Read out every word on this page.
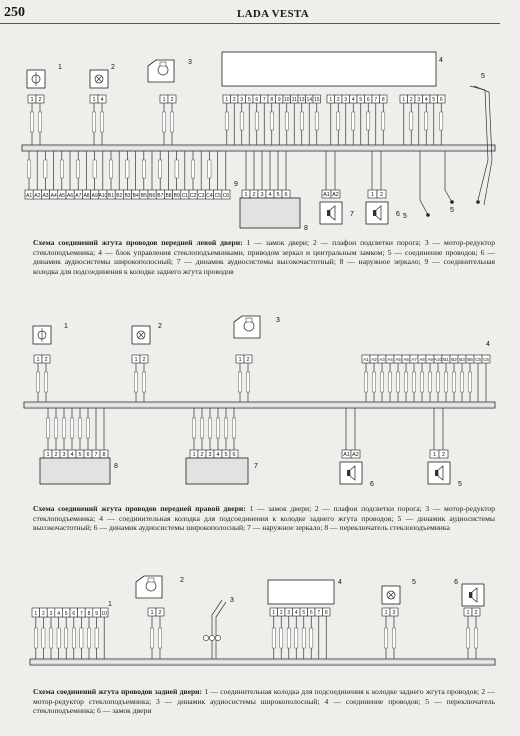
250	LADA VESTA
1
1 2
2
1 4
3
1 2
4
1 2 3 5 6 7 8 9 10 11 13 14 15 1 2 3 4 5 6 7 8	1 2 3 4 5 6
5
A1 A2 A3 A4 A5 A6 A7 A8 A9 A10 B1 B2 B3 B4 B5 B6 B7 B8 B9 C1 C2 C3 C4 C5 C6
9
1 2 3 4 5 6
8
A1 A2
7
1 2
6 5
5
Схема соединений жгута проводов передней левой двери: 1 — замок двери; 2 — плафон подсветки порога; 3 — мотор-редуктор стеклоподъемника; 4 — блок управления стеклоподъемниками, приводом зеркал и центральным замком; 5 — соединение проводов; 6 — динамик аудиосистемы широкополосный; 7 — динамик аудиосистемы высокочастотный; 8 — наружное зеркало; 9 — соединительная колодка для подсоединения к колодке заднего жгута проводов
1
1 2
2
1 2
3
1 2	A1 A2 A3 A4 A5 A6 A7 A8 A9 A10 B1 B2 B3 B5 C5 C6
4
1 2 3 4 5 6 7 8
8
1 2 3 4 5 6
7
A1 A2
6
1 2
5
Схема соединений жгута проводов передней правой двери: 1 — замок двери; 2 — плафон подсветки порога; 3 — мотор-редуктор стеклоподъемника; 4 — соединительная колодка для подсоединения к колодке заднего жгута проводов; 5 — динамик аудиосистемы высокочастотный; 6 — динамик аудиосистемы широкополосный; 7 — наружное зеркало; 8 — переключатель стеклоподъемника
1 2 3 4 5 6 7 8 9 10
1
2
1 2
3
4
1 2 3 4 5 6 7 8
5
1 2
6
1 2
Схема соединений жгута проводов задней двери: 1 — соединительная колодка для подсоединения к колодке заднего жгута проводов; 2 — мотор-редуктор стеклоподъемника; 3 — динамик аудиосистемы широкополосный; 4 — соединение проводов; 5 — переключатель стеклоподъемника; 6 — замок двери
